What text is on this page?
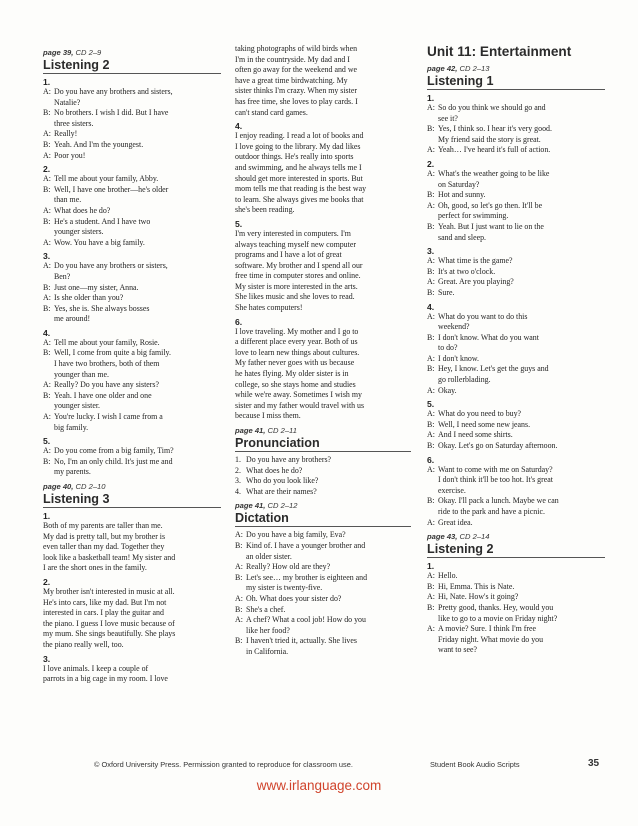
page 39, CD 2–9
Listening 2
1.
A: Do you have any brothers and sisters,
Natalie?
B: No brothers. I wish I did. But I have
three sisters.
A: Really!
B: Yeah. And I'm the youngest.
A: Poor you!
2.
A: Tell me about your family, Abby.
B: Well, I have one brother—he's older
than me.
A: What does he do?
B: He's a student. And I have two
younger sisters.
A: Wow. You have a big family.
3.
A: Do you have any brothers or sisters,
Ben?
B: Just one—my sister, Anna.
A: Is she older than you?
B: Yes, she is. She always bosses
me around!
4.
A: Tell me about your family, Rosie.
B: Well, I come from quite a big family.
I have two brothers, both of them
younger than me.
A: Really? Do you have any sisters?
B: Yeah. I have one older and one
younger sister.
A: You're lucky. I wish I came from a
big family.
5.
A: Do you come from a big family, Tim?
B: No, I'm an only child. It's just me and
my parents.
page 40, CD 2–10
Listening 3
1.
Both of my parents are taller than me.
My dad is pretty tall, but my brother is
even taller than my dad. Together they
look like a basketball team! My sister and
I are the short ones in the family.
2.
My brother isn't interested in music at all.
He's into cars, like my dad. But I'm not
interested in cars. I play the guitar and
the piano. I guess I love music because of
my mum. She sings beautifully. She plays
the piano really well, too.
3.
I love animals. I keep a couple of
parrots in a big cage in my room. I love
taking photographs of wild birds when
I'm in the countryside. My dad and I
often go away for the weekend and we
have a great time birdwatching. My
sister thinks I'm crazy. When my sister
has free time, she loves to play cards. I
can't stand card games.
4.
I enjoy reading. I read a lot of books and
I love going to the library. My dad likes
outdoor things. He's really into sports
and swimming, and he always tells me I
should get more interested in sports. But
mom tells me that reading is the best way
to learn. She always gives me books that
she's been reading.
5.
I'm very interested in computers. I'm
always teaching myself new computer
programs and I have a lot of great
software. My brother and I spend all our
free time in computer stores and online.
My sister is more interested in the arts.
She likes music and she loves to read.
She hates computers!
6.
I love traveling. My mother and I go to
a different place every year. Both of us
love to learn new things about cultures.
My father never goes with us because
he hates flying. My older sister is in
college, so she stays home and studies
while we're away. Sometimes I wish my
sister and my father would travel with us
because I miss them.
page 41, CD 2–11
Pronunciation
1. Do you have any brothers?
2. What does he do?
3. Who do you look like?
4. What are their names?
page 41, CD 2–12
Dictation
A: Do you have a big family, Eva?
B: Kind of. I have a younger brother and
an older sister.
A: Really? How old are they?
B: Let's see… my brother is eighteen and
my sister is twenty-five.
A: Oh. What does your sister do?
B: She's a chef.
A: A chef? What a cool job! How do you
like her food?
B: I haven't tried it, actually. She lives
in California.
Unit 11: Entertainment
page 42, CD 2–13
Listening 1
1.
A: So do you think we should go and
see it?
B: Yes, I think so. I hear it's very good.
My friend said the story is great.
A: Yeah… I've heard it's full of action.
2.
A: What's the weather going to be like
on Saturday?
B: Hot and sunny.
A: Oh, good, so let's go then. It'll be
perfect for swimming.
B: Yeah. But I just want to lie on the
sand and sleep.
3.
A: What time is the game?
B: It's at two o'clock.
A: Great. Are you playing?
B: Sure.
4.
A: What do you want to do this
weekend?
B: I don't know. What do you want
to do?
A: I don't know.
B: Hey, I know. Let's get the guys and
go rollerblading.
A: Okay.
5.
A: What do you need to buy?
B: Well, I need some new jeans.
A: And I need some shirts.
B: Okay. Let's go on Saturday afternoon.
6.
A: Want to come with me on Saturday?
I don't think it'll be too hot. It's great
exercise.
B: Okay. I'll pack a lunch. Maybe we can
ride to the park and have a picnic.
A: Great idea.
page 43, CD 2–14
Listening 2
1.
A: Hello.
B: Hi, Emma. This is Nate.
A: Hi, Nate. How's it going?
B: Pretty good, thanks. Hey, would you
like to go to a movie on Friday night?
A: A movie? Sure. I think I'm free
Friday night. What movie do you
want to see?
© Oxford University Press. Permission granted to reproduce for classroom use.	Student Book Audio Scripts	35
www.irlanguage.com
